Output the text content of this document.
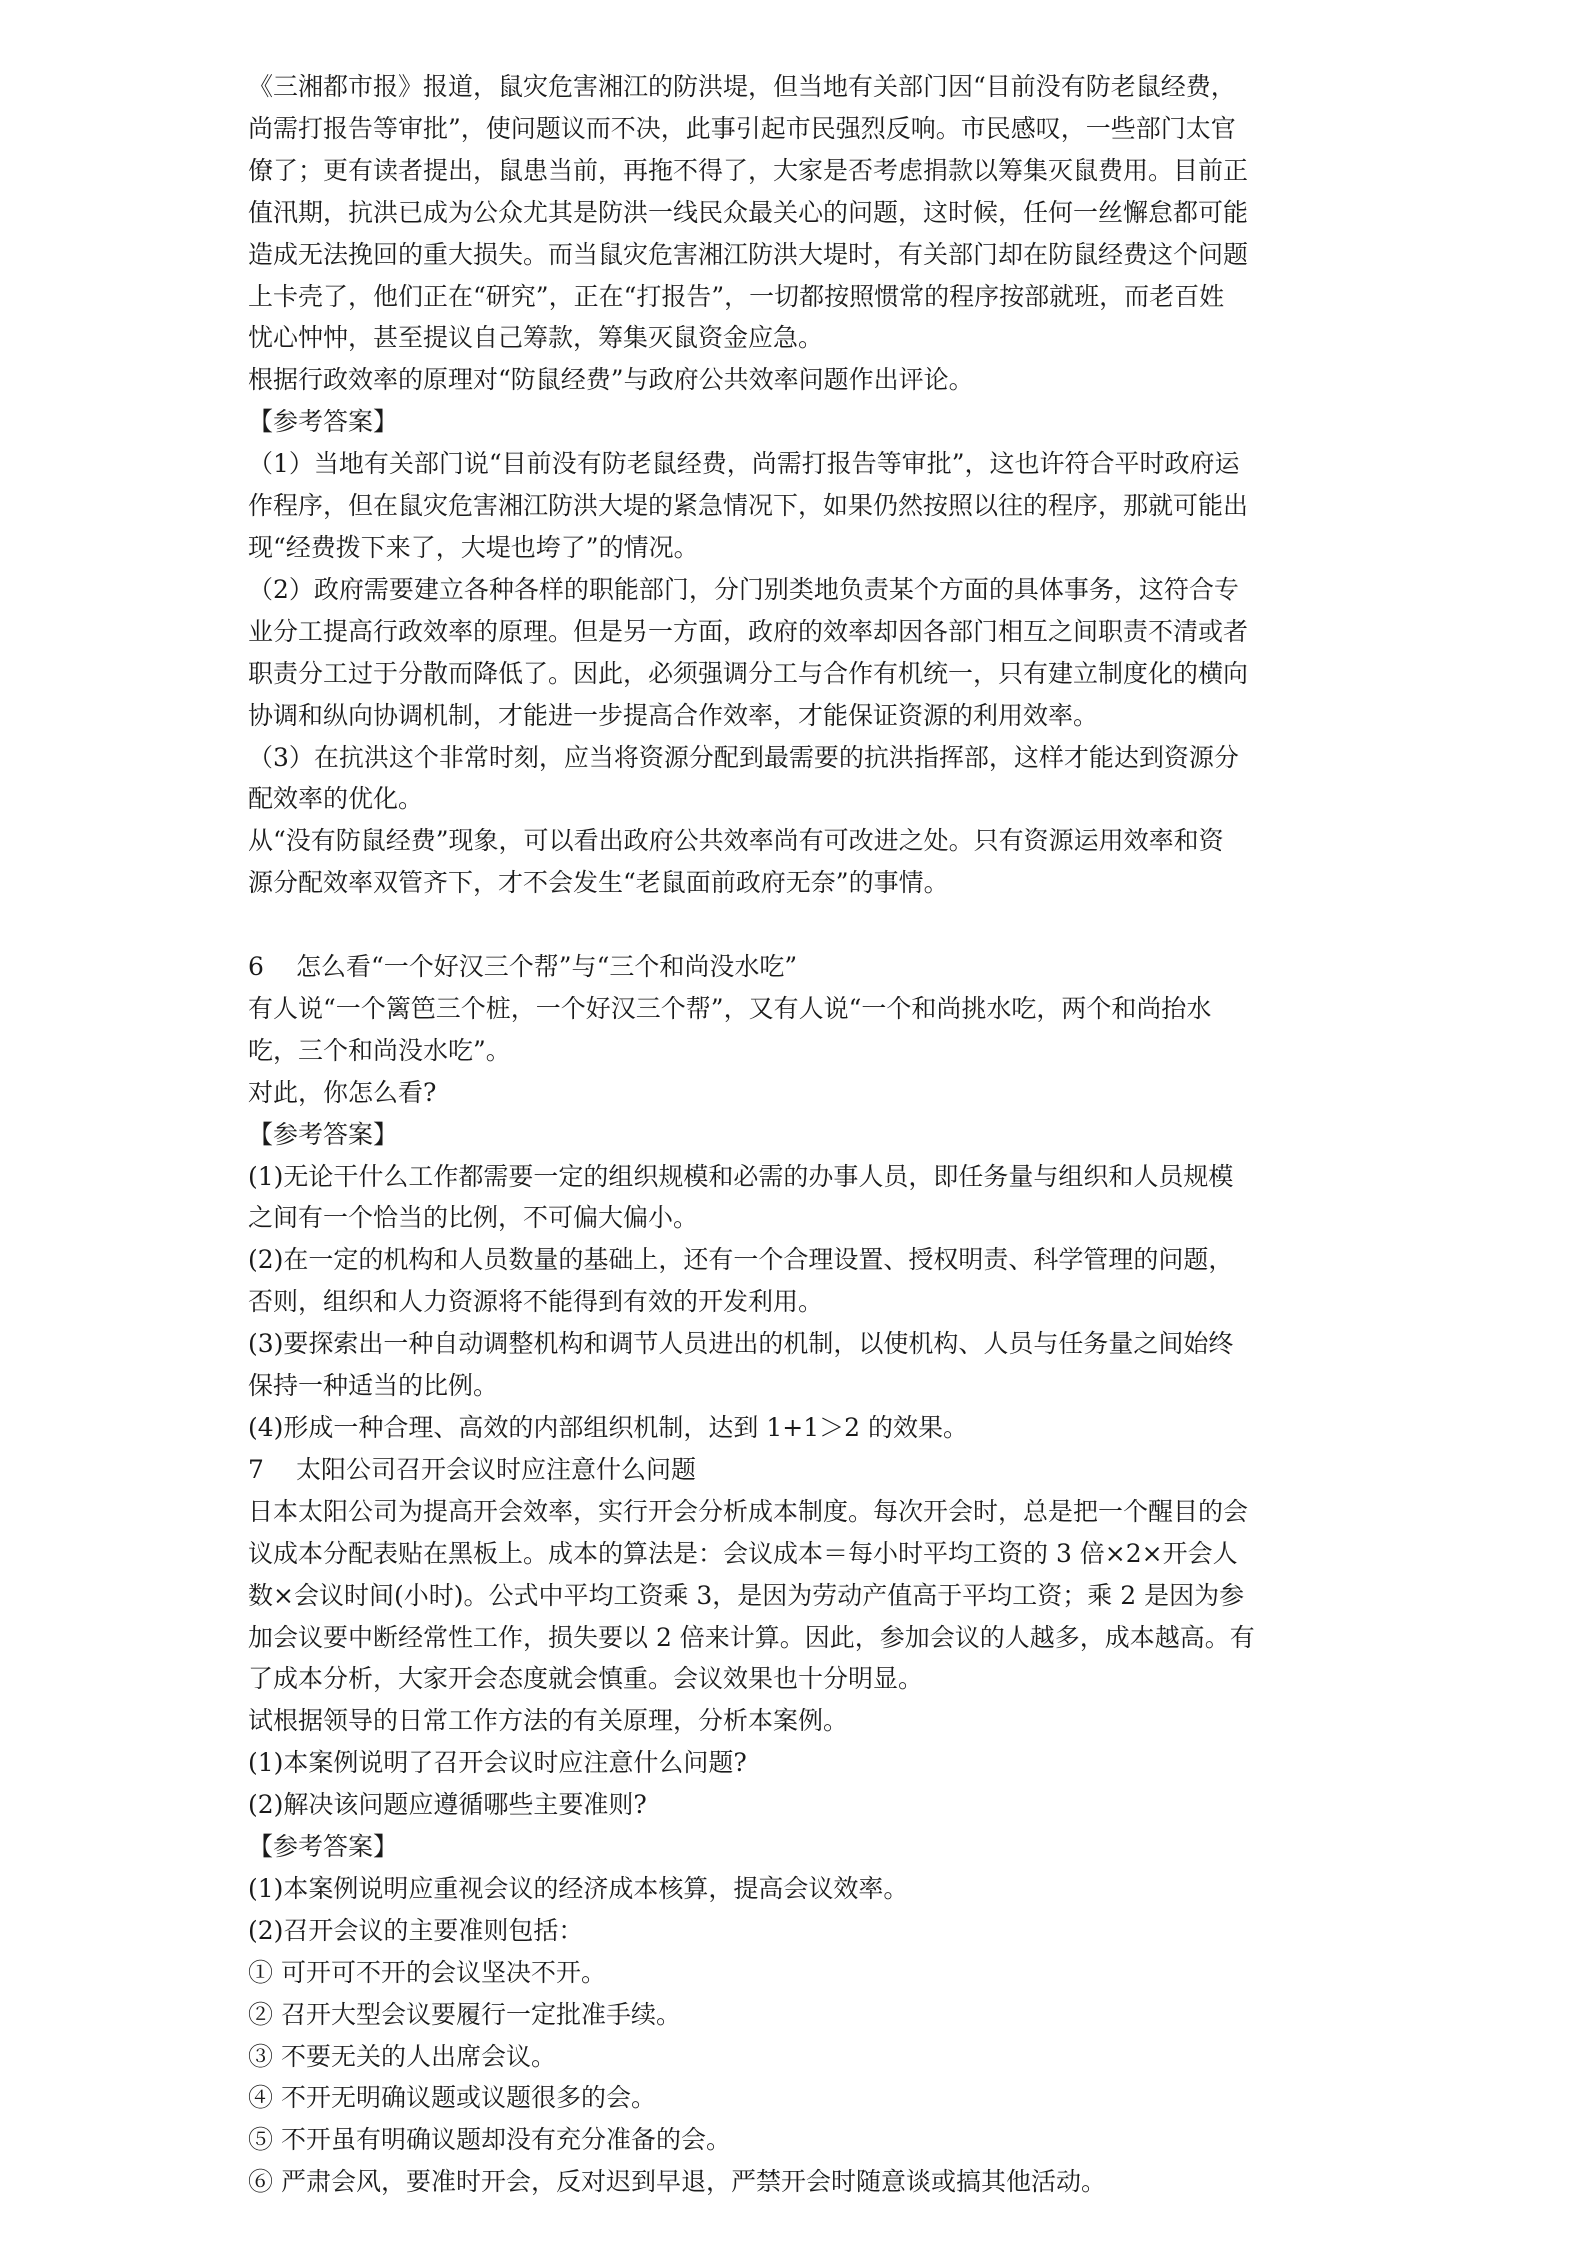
《三湘都市报》报道，鼠灾危害湘江的防洪堤，但当地有关部门因“目前没有防老鼠经费，
尚需打报告等审批”，使问题议而不决，此事引起市民强烈反响。市民感叹，一些部门太官
僚了；更有读者提出，鼠患当前，再拖不得了，大家是否考虑捐款以筹集灭鼠费用。目前正
值汛期，抗洪已成为公众尤其是防洪一线民众最关心的问题，这时候，任何一丝懈怠都可能
造成无法挽回的重大损失。而当鼠灾危害湘江防洪大堤时，有关部门却在防鼠经费这个问题
上卡壳了，他们正在“研究”，正在“打报告”，一切都按照惯常的程序按部就班，而老百姓
忧心忡忡，甚至提议自己筹款，筹集灭鼠资金应急。
根据行政效率的原理对“防鼠经费”与政府公共效率问题作出评论。
【参考答案】
（1）当地有关部门说“目前没有防老鼠经费，尚需打报告等审批”，这也许符合平时政府运
作程序，但在鼠灾危害湘江防洪大堤的紧急情况下，如果仍然按照以往的程序，那就可能出
现“经费拨下来了，大堤也垮了”的情况。
（2）政府需要建立各种各样的职能部门，分门别类地负责某个方面的具体事务，这符合专
业分工提高行政效率的原理。但是另一方面，政府的效率却因各部门相互之间职责不清或者
职责分工过于分散而降低了。因此，必须强调分工与合作有机统一，只有建立制度化的横向
协调和纵向协调机制，才能进一步提高合作效率，才能保证资源的利用效率。
（3）在抗洪这个非常时刻，应当将资源分配到最需要的抗洪指挥部，这样才能达到资源分
配效率的优化。
从“没有防鼠经费”现象，可以看出政府公共效率尚有可改进之处。只有资源运用效率和资
源分配效率双管齐下，才不会发生“老鼠面前政府无奈”的事情。
6 怎么看“一个好汉三个帮”与“三个和尚没水吃”
有人说“一个篱笆三个桩，一个好汉三个帮”，又有人说“一个和尚挑水吃，两个和尚抬水
吃，三个和尚没水吃”。
对此，你怎么看?
【参考答案】
(1)无论干什么工作都需要一定的组织规模和必需的办事人员，即任务量与组织和人员规模
之间有一个恰当的比例，不可偏大偏小。
(2)在一定的机构和人员数量的基础上，还有一个合理设置、授权明责、科学管理的问题，
否则，组织和人力资源将不能得到有效的开发利用。
(3)要探索出一种自动调整机构和调节人员进出的机制，以使机构、人员与任务量之间始终
保持一种适当的比例。
(4)形成一种合理、高效的内部组织机制，达到 1+1＞2 的效果。
7 太阳公司召开会议时应注意什么问题
日本太阳公司为提高开会效率，实行开会分析成本制度。每次开会时，总是把一个醒目的会
议成本分配表贴在黑板上。成本的算法是：会议成本＝每小时平均工资的 3 倍×2×开会人
数×会议时间(小时)。公式中平均工资乘 3，是因为劳动产值高于平均工资；乘 2 是因为参
加会议要中断经常性工作，损失要以 2 倍来计算。因此，参加会议的人越多，成本越高。有
了成本分析，大家开会态度就会慎重。会议效果也十分明显。
试根据领导的日常工作方法的有关原理，分析本案例。
(1)本案例说明了召开会议时应注意什么问题?
(2)解决该问题应遵循哪些主要准则?
【参考答案】
(1)本案例说明应重视会议的经济成本核算，提高会议效率。
(2)召开会议的主要准则包括：
① 可开可不开的会议坚决不开。
② 召开大型会议要履行一定批准手续。
③ 不要无关的人出席会议。
④ 不开无明确议题或议题很多的会。
⑤ 不开虽有明确议题却没有充分准备的会。
⑥ 严肃会风，要准时开会，反对迟到早退，严禁开会时随意谈或搞其他活动。
